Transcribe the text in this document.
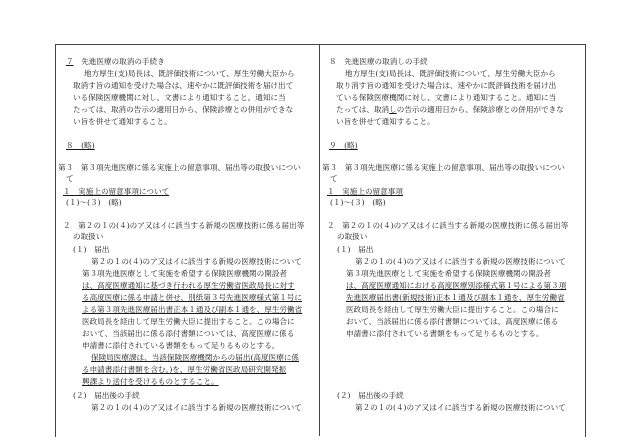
７　 先進医療の取消の手続き
地方厚生(支)局長は、既評価技術について、厚生労働大臣から
取消す旨の通知を受けた場合は、速やかに既評価技術を届け出て
いる保険医療機関に対し、文書により通知すること。通知に当
たっては、取消の告示の適用日から、保険診療との併用ができな
い旨を併せて通知すること。
８　(略)
第３　第３項先進医療に係る実施上の留意事項、届出等の取扱いについ
て
１　実施上の留意事項について
(１)～(３)　(略)
２　第２の１の(４)のア又はイに該当する新規の医療技術に係る届出等
の取扱い
(１)　届出
第２の１の(４)のア又はイに該当する新規の医療技術について
第３項先進医療として実施を希望する保険医療機関の開設者
は、高度医療通知に基づき行われる厚生労働省医政局長に対す
る高度医療に係る申請と併せ、別紙第３号先進医療様式第１号に
よる第３項先進医療届出書正本１通及び副本１通を、厚生労働省
医政局長を経由して厚生労働大臣に提出すること。この場合に
おいて、当該届出に係る添付書類については、高度医療に係る
申請書に添付されている書類をもって足りるものとする。
保険局医療課は、当該保険医療機関からの届出(高度医療に係
る申請書添付書類を含む。)を、厚生労働省医政局研究開発振
興課より送付を受けるものとすること。
(２)　届出後の手続
第２の１の(４)のア又はイに該当する新規の医療技術について
８　 先進医療の取消しの手続
地方厚生(支)局長は、既評価技術について、厚生労働大臣から
取り消す旨の通知を受けた場合は、速やかに既評価技術を届け出
ている保険医療機関に対し、文書により通知すること。通知に当
たっては、取消しの告示の適用日から、保険診療との併用ができな
い旨を併せて通知すること。
９　(略)
第３　第３項先進医療に係る実施上の留意事項、届出等の取扱いについ
て
１　実施上の留意事項
(１)～(３)　(略)
２　第２の１の(４)のア又はイに該当する新規の医療技術に係る届出等
の取扱い
(１)　届出
第２の１の(４)のア又はイに該当する新規の医療技術について
第３項先進医療として実施を希望する保険医療機関の開設者
は、高度医療通知における高度医療別添様式第１号による第３項
先進医療届出書(新規技術)正本１通及び副本１通を、厚生労働省
医政局長を経由して厚生労働大臣に提出すること。この場合に
おいて、当該届出に係る添付書類については、高度医療に係る
申請書に添付されている書類をもって足りるものとする。
(２)　届出後の手続
第２の１の(４)のア又はイに該当する新規の医療技術について
